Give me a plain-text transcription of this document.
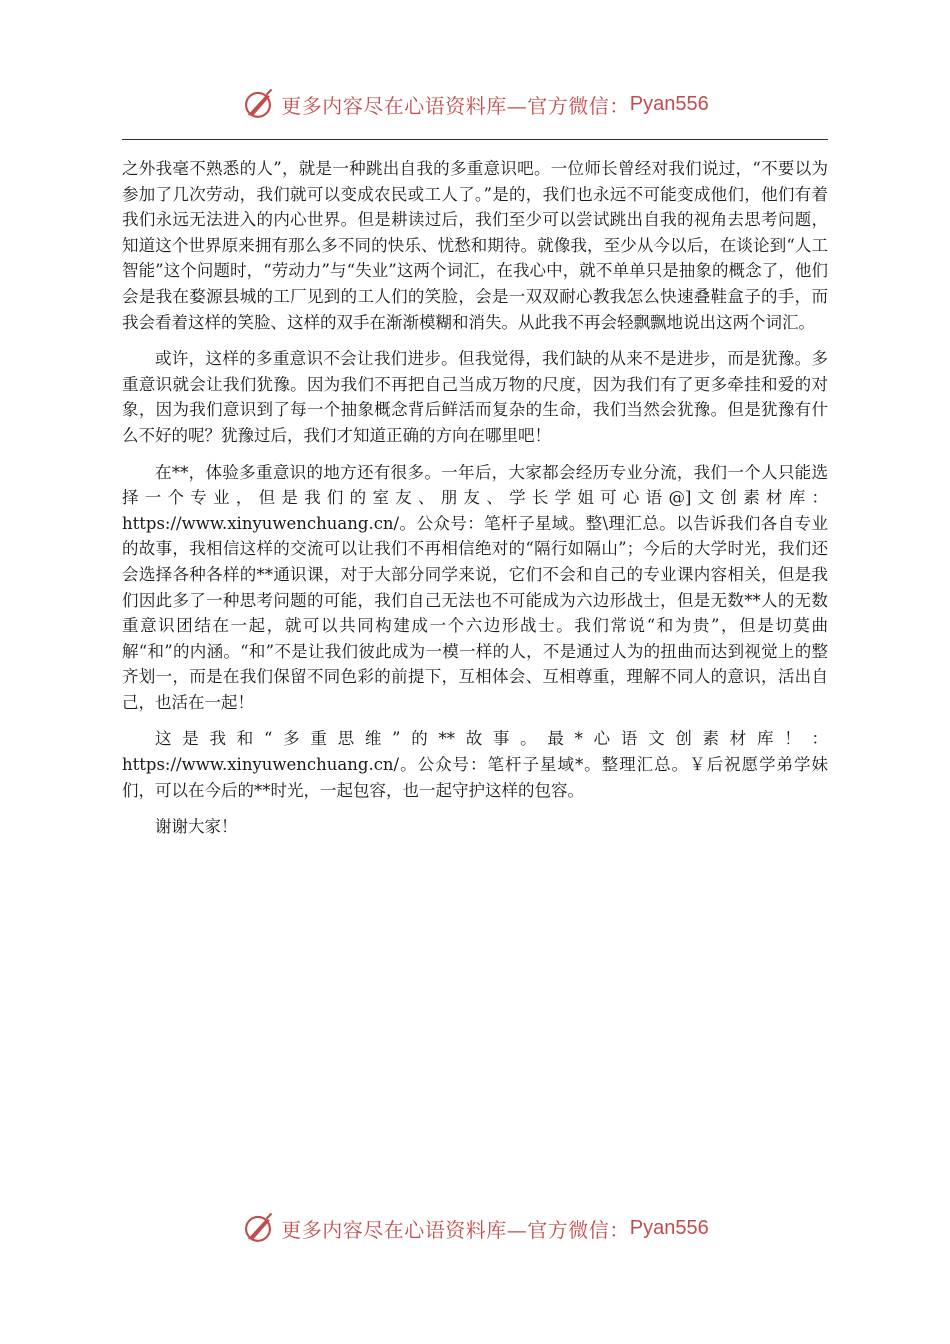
更多内容尽在心语资料库—官方微信： Pyan556

之外我毫不熟悉的人”，就是一种跳出自我的多重意识吧。一位师长曾经对我们说过，“不要以为参加了几次劳动，我们就可以变成农民或工人了。”是的，我们也永远不可能变成他们，他们有着我们永远无法进入的内心世界。但是耕读过后，我们至少可以尝试跳出自我的视角去思考问题，知道这个世界原来拥有那么多不同的快乐、忧愁和期待。就像我，至少从今以后，在谈论到“人工智能”这个问题时，“劳动力”与“失业”这两个词汇，在我心中，就不单单只是抽象的概念了，他们会是我在婺源县城的工厂见到的工人们的笑脸，会是一双双耐心教我怎么快速叠鞋盒子的手，而我会看着这样的笑脸、这样的双手在渐渐模糊和消失。从此我不再会轻飘飘地说出这两个词汇。

或许，这样的多重意识不会让我们进步。但我觉得，我们缺的从来不是进步，而是犹豫。多重意识就会让我们犹豫。因为我们不再把自己当成万物的尺度，因为我们有了更多牵挂和爱的对象，因为我们意识到了每一个抽象概念背后鲜活而复杂的生命，我们当然会犹豫。但是犹豫有什么不好的呢？犹豫过后，我们才知道正确的方向在哪里吧！

在**，体验多重意识的地方还有很多。一年后，大家都会经历专业分流，我们一个人只能选择一个专业，但是我们的室友、朋友、学长学姐可心语@]文创素材库：https://www.xinyuwenchuang.cn/。公众号：笔杆子星域。整\理汇总。以告诉我们各自专业的故事，我相信这样的交流可以让我们不再相信绝对的“隔行如隔山”；今后的大学时光，我们还会选择各种各样的**通识课，对于大部分同学来说，它们不会和自己的专业课内容相关，但是我们因此多了一种思考问题的可能，我们自己无法也不可能成为六边形战士，但是无数**人的无数重意识团结在一起，就可以共同构建成一个六边形战士。我们常说“和为贵”，但是切莫曲解“和”的内涵。“和”不是让我们彼此成为一模一样的人，不是通过人为的扭曲而达到视觉上的整齐划一，而是在我们保留不同色彩的前提下，互相体会、互相尊重，理解不同人的意识，活出自己，也活在一起！

这是我和“多重思维”的**故事。最*心语文创素材库！：https://www.xinyuwenchuang.cn/。公众号：笔杆子星域*。整理汇总。￥后祝愿学弟学妹们，可以在今后的**时光，一起包容，也一起守护这样的包容。

谢谢大家！

更多内容尽在心语资料库—官方微信： Pyan556
